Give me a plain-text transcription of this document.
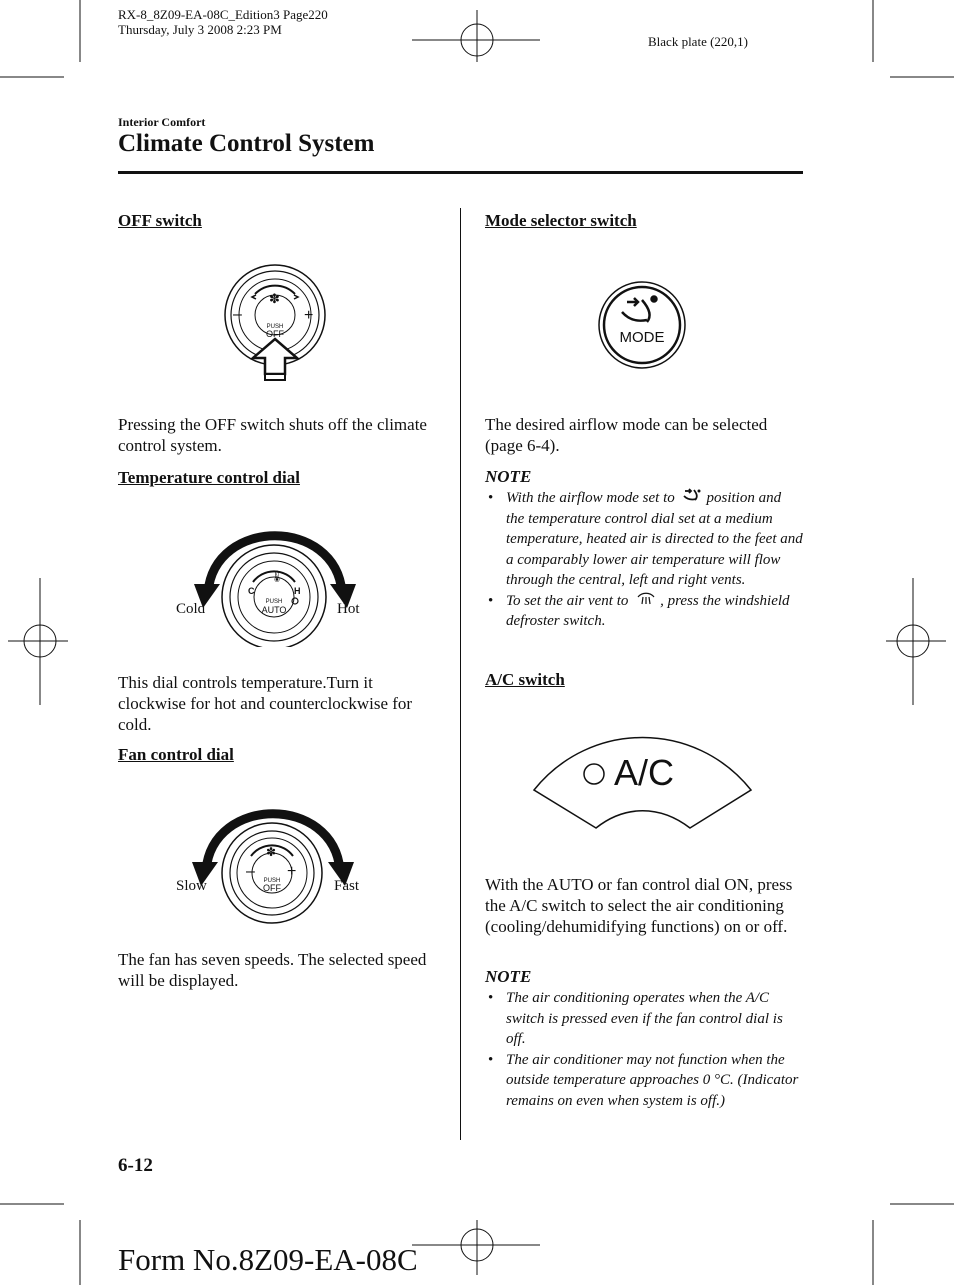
RX-8_8Z09-EA-08C_Edition3 Page220
Thursday, July 3 2008 2:23 PM
Black plate (220,1)
Interior Comfort
Climate Control System
OFF switch
✽
–	+
PUSH
OFF
Pressing the OFF switch shuts off the climate control system.
Temperature control dial
🌡
C	H
PUSH
AUTO
Cold	Hot
This dial controls temperature.Turn it clockwise for hot and counterclockwise for cold.
Fan control dial
✽
– +
PUSH
OFF
Slow	Fast
The fan has seven speeds. The selected speed will be displayed.
Mode selector switch
MODE
The desired airflow mode can be selected (page 6-4).
NOTE
• With the airflow mode set to position and the temperature control dial set at a medium temperature, heated air is directed to the feet and a comparably lower air temperature will flow through the central, left and right vents.
• To set the air vent to , press the windshield defroster switch.
A/C switch
A/C
With the AUTO or fan control dial ON, press the A/C switch to select the air conditioning (cooling/dehumidifying functions) on or off.
NOTE
• The air conditioning operates when the A/C switch is pressed even if the fan control dial is off.
• The air conditioner may not function when the outside temperature approaches 0 °C. (Indicator remains on even when system is off.)
6-12
Form No.8Z09-EA-08C
